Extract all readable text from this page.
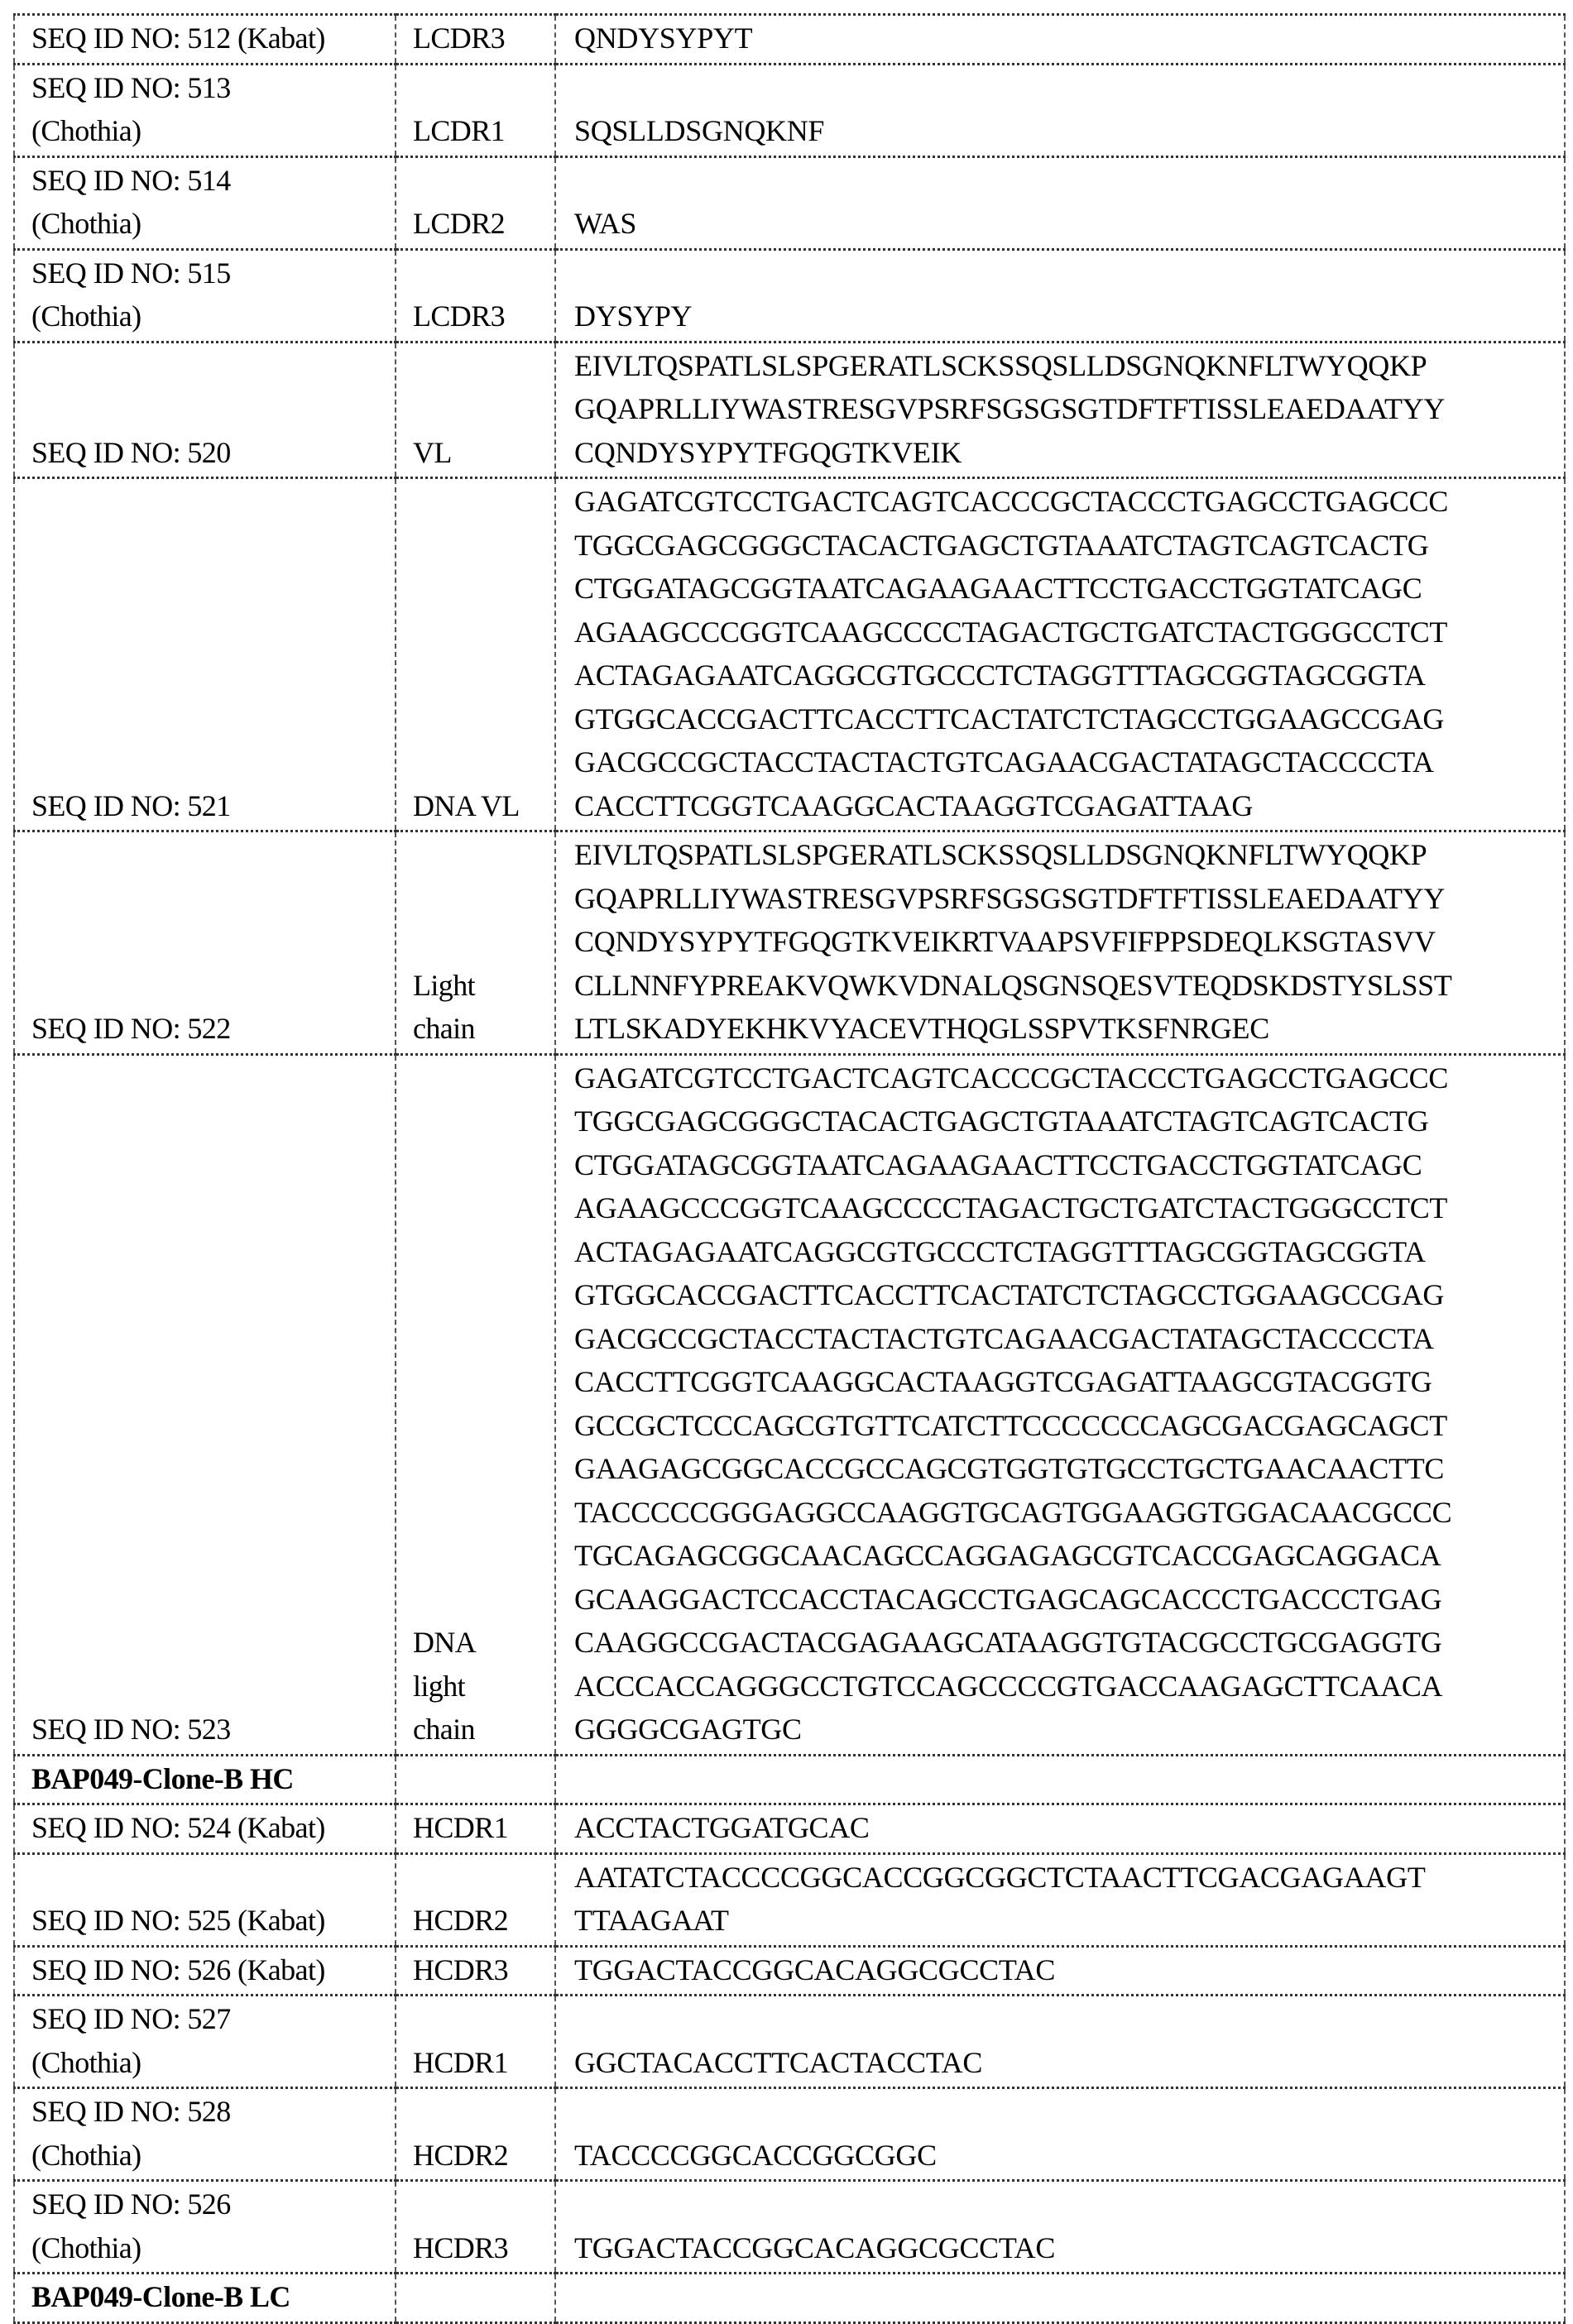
SEQ ID NO: 512 (Kabat)	LCDR3	QNDYSYPYT
SEQ ID NO: 513
(Chothia)	LCDR1	SQSLLDSGNQKNF
SEQ ID NO: 514
(Chothia)	LCDR2	WAS
SEQ ID NO: 515
(Chothia)	LCDR3	DYSYPY
SEQ ID NO: 520	VL	EIVLTQSPATLSLSPGERATLSCKSSQSLLDSGNQKNFLTWYQQKP
GQAPRLLIYWASTRESGVPSRFSGSGSGTDFTFTISSLEAEDAATYY
CQNDYSYPYTFGQGTKVEIK
SEQ ID NO: 521	DNA VL	GAGATCGTCCTGACTCAGTCACCCGCTACCCTGAGCCTGAGCCC
TGGCGAGCGGGCTACACTGAGCTGTAAATCTAGTCAGTCACTG
CTGGATAGCGGTAATCAGAAGAACTTCCTGACCTGGTATCAGC
AGAAGCCCGGTCAAGCCCCTAGACTGCTGATCTACTGGGCCTCT
ACTAGAGAATCAGGCGTGCCCTCTAGGTTTAGCGGTAGCGGTA
GTGGCACCGACTTCACCTTCACTATCTCTAGCCTGGAAGCCGAG
GACGCCGCTACCTACTACTGTCAGAACGACTATAGCTACCCCTA
CACCTTCGGTCAAGGCACTAAGGTCGAGATTAAG
SEQ ID NO: 522	Light
chain	EIVLTQSPATLSLSPGERATLSCKSSQSLLDSGNQKNFLTWYQQKP
GQAPRLLIYWASTRESGVPSRFSGSGSGTDFTFTISSLEAEDAATYY
CQNDYSYPYTFGQGTKVEIKRTVAAPSVFIFPPSDEQLKSGTASVV
CLLNNFYPREAKVQWKVDNALQSGNSQESVTEQDSKDSTYSLSST
LTLSKADYEKHKVYACEVTHQGLSSPVTKSFNRGEC
SEQ ID NO: 523	DNA
light
chain	GAGATCGTCCTGACTCAGTCACCCGCTACCCTGAGCCTGAGCCC
TGGCGAGCGGGCTACACTGAGCTGTAAATCTAGTCAGTCACTG
CTGGATAGCGGTAATCAGAAGAACTTCCTGACCTGGTATCAGC
AGAAGCCCGGTCAAGCCCCTAGACTGCTGATCTACTGGGCCTCT
ACTAGAGAATCAGGCGTGCCCTCTAGGTTTAGCGGTAGCGGTA
GTGGCACCGACTTCACCTTCACTATCTCTAGCCTGGAAGCCGAG
GACGCCGCTACCTACTACTGTCAGAACGACTATAGCTACCCCTA
CACCTTCGGTCAAGGCACTAAGGTCGAGATTAAGCGTACGGTG
GCCGCTCCCAGCGTGTTCATCTTCCCCCCCAGCGACGAGCAGCT
GAAGAGCGGCACCGCCAGCGTGGTGTGCCTGCTGAACAACTTC
TACCCCCGGGAGGCCAAGGTGCAGTGGAAGGTGGACAACGCCC
TGCAGAGCGGCAACAGCCAGGAGAGCGTCACCGAGCAGGACA
GCAAGGACTCCACCTACAGCCTGAGCAGCACCCTGACCCTGAG
CAAGGCCGACTACGAGAAGCATAAGGTGTACGCCTGCGAGGTG
ACCCACCAGGGCCTGTCCAGCCCCGTGACCAAGAGCTTCAACA
GGGGCGAGTGC
BAP049-Clone-B HC		
SEQ ID NO: 524 (Kabat)	HCDR1	ACCTACTGGATGCAC
SEQ ID NO: 525 (Kabat)	HCDR2	AATATCTACCCCGGCACCGGCGGCTCTAACTTCGACGAGAAGT
TTAAGAAT
SEQ ID NO: 526 (Kabat)	HCDR3	TGGACTACCGGCACAGGCGCCTAC
SEQ ID NO: 527
(Chothia)	HCDR1	GGCTACACCTTCACTACCTAC
SEQ ID NO: 528
(Chothia)	HCDR2	TACCCCGGCACCGGCGGC
SEQ ID NO: 526
(Chothia)	HCDR3	TGGACTACCGGCACAGGCGCCTAC
BAP049-Clone-B LC		
